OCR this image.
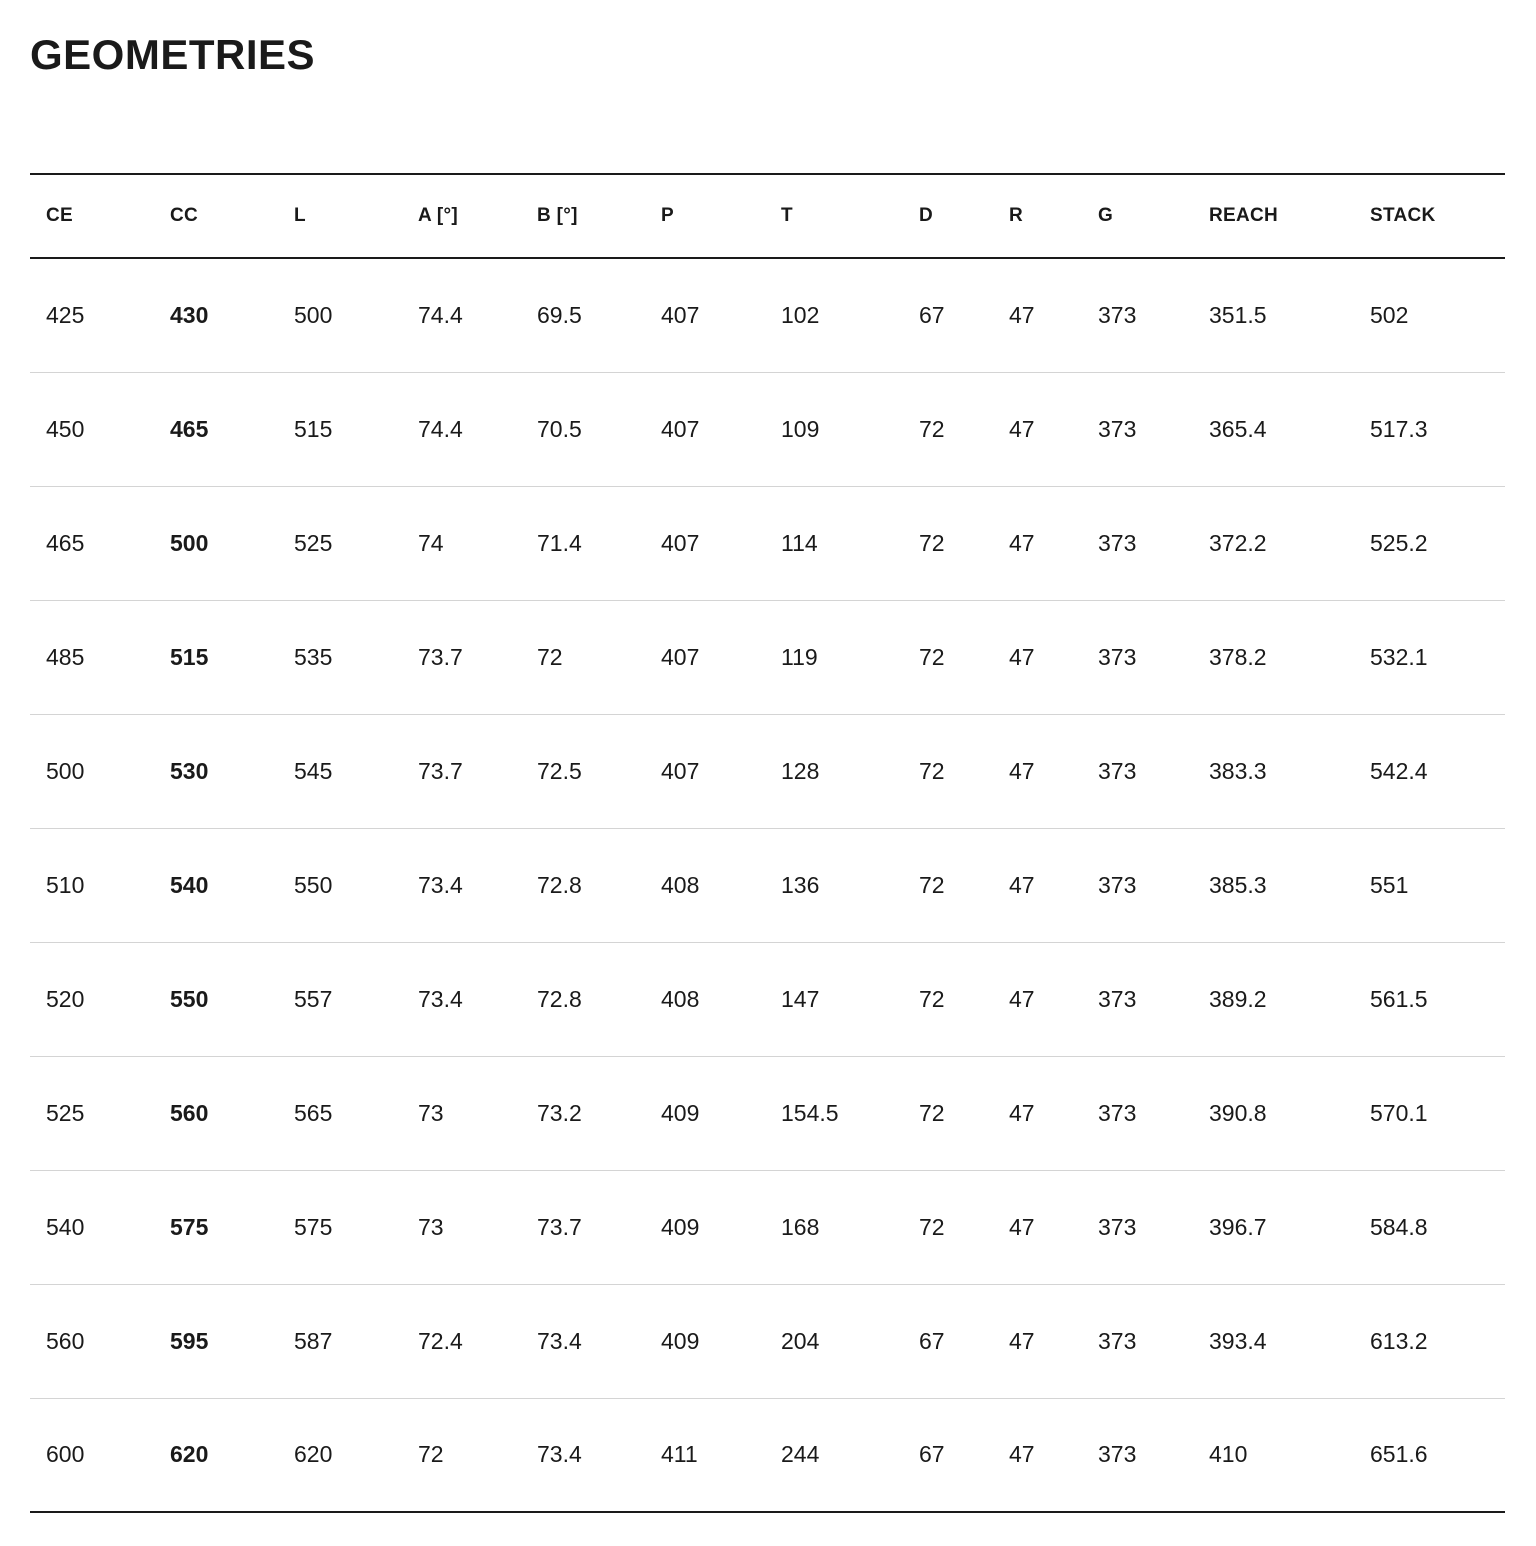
GEOMETRIES
CE	CC	L	A [°]	B [°]	P	T	D	R	G	REACH	STACK
425	430	500	74.4	69.5	407	102	67	47	373	351.5	502
450	465	515	74.4	70.5	407	109	72	47	373	365.4	517.3
465	500	525	74	71.4	407	114	72	47	373	372.2	525.2
485	515	535	73.7	72	407	119	72	47	373	378.2	532.1
500	530	545	73.7	72.5	407	128	72	47	373	383.3	542.4
510	540	550	73.4	72.8	408	136	72	47	373	385.3	551
520	550	557	73.4	72.8	408	147	72	47	373	389.2	561.5
525	560	565	73	73.2	409	154.5	72	47	373	390.8	570.1
540	575	575	73	73.7	409	168	72	47	373	396.7	584.8
560	595	587	72.4	73.4	409	204	67	47	373	393.4	613.2
600	620	620	72	73.4	411	244	67	47	373	410	651.6
